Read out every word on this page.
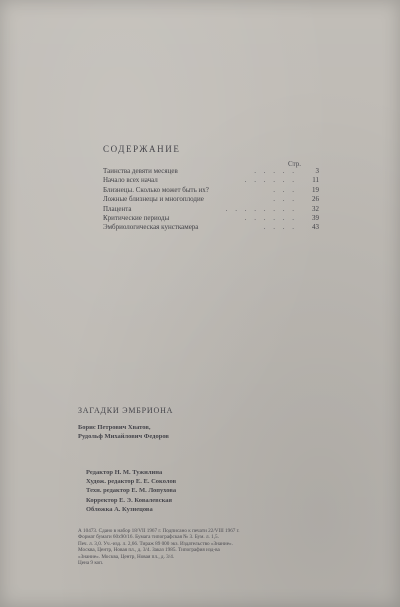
СОДЕРЖАНИЕ
Стр.
Таинства девяти месяцев	. . . . .	3
Начало всех начал	. . . . . .	11
Близнецы. Сколько может быть их?	. . .	19
Ложные близнецы и многоплодие	. . .	26
Плацента	. . . . . . . .	32
Критические периоды	. . . . . .	39
Эмбриологическая кунсткамера	. . . .	43
ЗАГАДКИ ЭМБРИОНА
Борис Петрович Хватов,
Рудольф Михайлович Федоров
Редактор Н. М. Тужилина
Худож. редактор Е. Е. Соколов
Техн. редактор Е. М. Лопухова
Корректор Е. Э. Ковалевская
Обложка А. Кузнецова
А 10473. Сдано в набор 18/VII 1967 г. Подписано к печати 22/VIII 1967 г.
Формат бумаги 60х90/16. Бумага типографская № 3. Бум. л. 1,5.
Печ. л. 3,0. Уч.-изд. л. 2,66. Тираж 89 000 экз. Издательство «Знание».
Москва, Центр, Новая пл., д. 3/4. Заказ 1985. Типография изд-ва
«Знание». Москва, Центр, Новая пл., д. 3/4.
Цена 9 коп.
